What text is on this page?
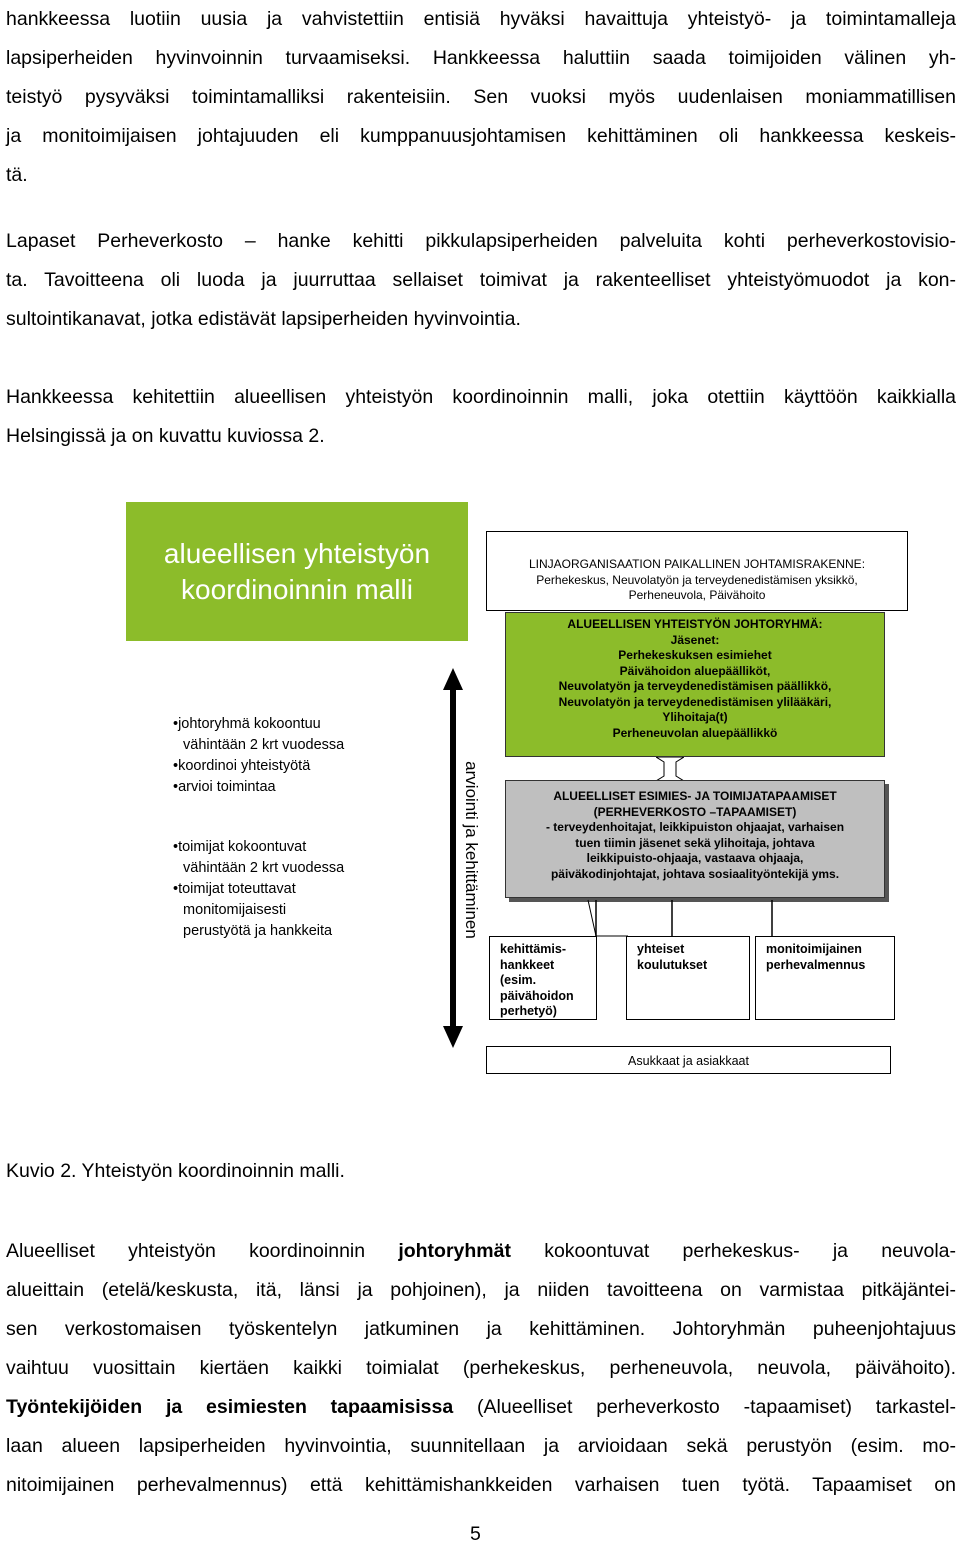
hankkeessa luotiin uusia ja vahvistettiin entisiä hyväksi havaittuja yhteistyö- ja toimintamalleja
lapsiperheiden hyvinvoinnin turvaamiseksi. Hankkeessa haluttiin saada toimijoiden välinen yh-
teistyö pysyväksi toimintamalliksi rakenteisiin. Sen vuoksi myös uudenlaisen moniammatillisen
ja monitoimijaisen johtajuuden eli kumppanuusjohtamisen kehittäminen oli hankkeessa keskeis-
tä.
Lapaset Perheverkosto – hanke kehitti pikkulapsiperheiden palveluita kohti perheverkostovisio-
ta. Tavoitteena oli luoda ja juurruttaa sellaiset toimivat ja rakenteelliset yhteistyömuodot ja kon-
sultointikanavat, jotka edistävät lapsiperheiden hyvinvointia.
Hankkeessa kehitettiin alueellisen yhteistyön koordinoinnin malli, joka otettiin käyttöön kaikkialla
Helsingissä ja on kuvattu kuviossa 2.
alueellisen yhteistyön
koordinoinnin malli
•johtoryhmä kokoontuu
vähintään 2 krt vuodessa
•koordinoi yhteistyötä
•arvioi toimintaa
•toimijat kokoontuvat
vähintään 2 krt vuodessa
•toimijat toteuttavat
monitomijaisesti
perustyötä ja hankkeita	arviointi ja kehittäminen
LINJAORGANISAATION PAIKALLINEN JOHTAMISRAKENNE:
Perhekeskus, Neuvolatyön ja terveydenedistämisen yksikkö,
Perheneuvola, Päivähoito
ALUEELLISEN YHTEISTYÖN JOHTORYHMÄ:
Jäsenet:
Perhekeskuksen esimiehet
Päivähoidon aluepäälliköt,
Neuvolatyön ja terveydenedistämisen päällikkö,
Neuvolatyön ja terveydenedistämisen ylilääkäri,
Ylihoitaja(t)
Perheneuvolan aluepäällikkö
ALUEELLISET ESIMIES- JA TOIMIJATAPAAMISET
(PERHEVERKOSTO –TAPAAMISET)
- terveydenhoitajat, leikkipuiston ohjaajat, varhaisen
tuen tiimin jäsenet sekä ylihoitaja, johtava
leikkipuisto-ohjaaja, vastaava ohjaaja,
päiväkodinjohtajat, johtava sosiaalityöntekijä yms.
kehittämis-
hankkeet
(esim.
päivähoidon
perhetyö)
yhteiset
koulutukset
monitoimijainen
perhevalmennus
Asukkaat ja asiakkaat
Kuvio 2. Yhteistyön koordinoinnin malli.
Alueelliset yhteistyön koordinoinnin johtoryhmät kokoontuvat perhekeskus- ja neuvola-
alueittain (etelä/keskusta, itä, länsi ja pohjoinen), ja niiden tavoitteena on varmistaa pitkäjäntei-
sen verkostomaisen työskentelyn jatkuminen ja kehittäminen. Johtoryhmän puheenjohtajuus
vaihtuu vuosittain kiertäen kaikki toimialat (perhekeskus, perheneuvola, neuvola, päivähoito).
Työntekijöiden ja esimiesten tapaamisissa (Alueelliset perheverkosto -tapaamiset) tarkastel-
laan alueen lapsiperheiden hyvinvointia, suunnitellaan ja arvioidaan sekä perustyön (esim. mo-
nitoimijainen perhevalmennus) että kehittämishankkeiden varhaisen tuen työtä. Tapaamiset on
5
